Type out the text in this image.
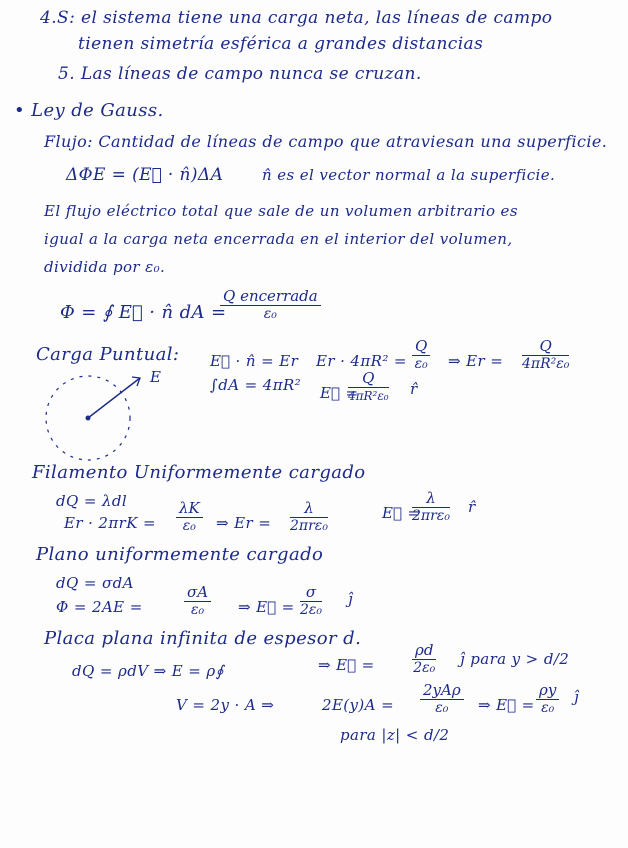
4.S: el sistema tiene una carga neta, las líneas de campo
tienen simetría esférica a grandes distancias
5. Las líneas de campo nunca se cruzan.
• Ley de Gauss.
Flujo: Cantidad de líneas de campo que atraviesan una superficie.
ΔΦE = (E⃗ · n̂)ΔA	n̂ es el vector normal a la superficie.
El flujo eléctrico total que sale de un volumen arbitrario es
igual a la carga neta encerrada en el interior del volumen,
dividida por ε₀.
Φ = ∮ E⃗ · n̂ dA =
Q encerrada
ε₀
Carga Puntual: E⃗ · n̂ = Er
∫dA = 4πR²
Er · 4πR² =
Q
ε₀ ⇒ Er =
Q
4πR²ε₀
E⃗ =
Q
4πR²ε₀ r̂
E
Filamento Uniformemente cargado
dQ = λdl
Er · 2πrK =
λK
ε₀ ⇒ Er =
λ
2πrε₀
E⃗ =
λ
2πrε₀ r̂
Plano uniformemente cargado
dQ = σdA
Φ = 2AE =
σA
ε₀ ⇒ E⃗ =
σ
2ε₀
ĵ
Placa plana infinita de espesor d.
dQ = ρdV ⇒ E = ρ∮	⇒ E⃗ =
ρd
2ε₀ ĵ para y > d/2
V = 2y · A ⇒	2E(y)A =
2yAρ
ε₀ ⇒ E⃗ =
ρy
ε₀
ĵ
para |z| < d/2
